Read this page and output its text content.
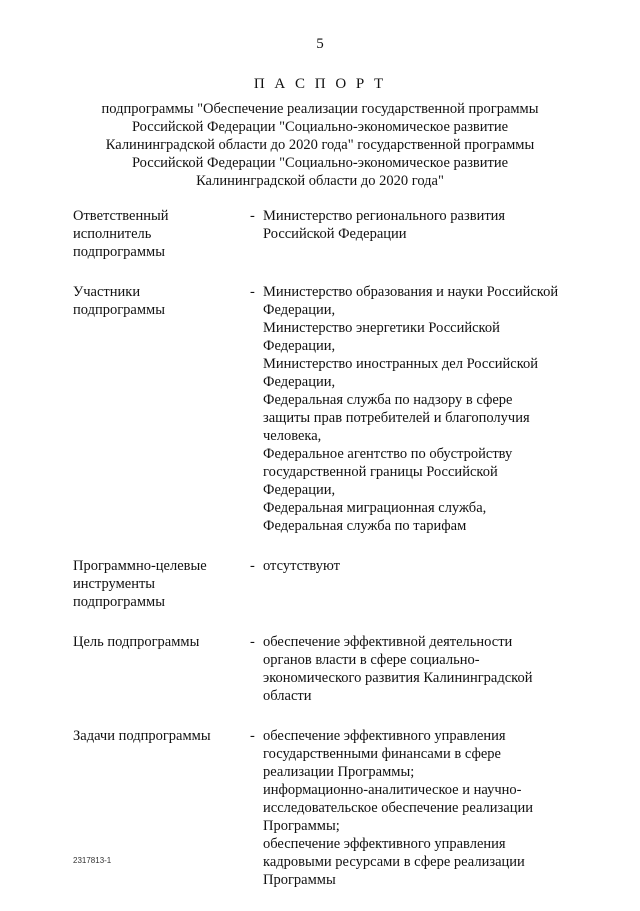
5
П А С П О Р Т
подпрограммы "Обеспечение реализации государственной программы
Российской Федерации "Социально-экономическое развитие
Калининградской области до 2020 года" государственной программы
Российской Федерации "Социально-экономическое развитие
Калининградской области до 2020 года"
Ответственный
исполнитель
подпрограммы
- Министерство регионального развития
Российской Федерации
Участники
подпрограммы
- Министерство образования и науки Российской
Федерации,
Министерство энергетики Российской
Федерации,
Министерство иностранных дел Российской
Федерации,
Федеральная служба по надзору в сфере
защиты прав потребителей и благополучия
человека,
Федеральное агентство по обустройству
государственной границы Российской
Федерации,
Федеральная миграционная служба,
Федеральная служба по тарифам
Программно-целевые
инструменты
подпрограммы
- отсутствуют
Цель подпрограммы	- обеспечение эффективной деятельности
органов власти в сфере социально-
экономического развития Калининградской
области
Задачи подпрограммы	- обеспечение эффективного управления
государственными финансами в сфере
реализации Программы;
информационно-аналитическое и научно-
исследовательское обеспечение реализации
Программы;
обеспечение эффективного управления
кадровыми ресурсами в сфере реализации
Программы
2317813-1
